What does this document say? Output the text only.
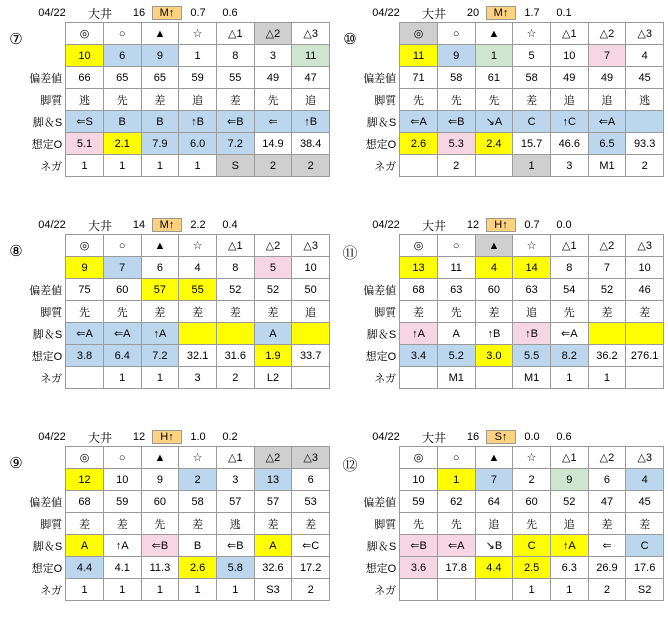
04/22	大井	16	M↑	0.7	0.6
⑦
		◎	○	▲	☆	△1	△2	△3
	10	6	9	1	8	3	11
偏差値	66	65	65	59	55	49	47
脚質	逃	先	差	追	差	先	追
脚＆S	⇐S	B	B	↑B	⇐B	⇐	↑B
想定O	5.1	2.1	7.9	6.0	7.2	14.9	38.4
ネガ	1	1	1	1	S	2	2
04/22	大井	20	M↑	1.7	0.1
⑩
		◎	○	▲	☆	△1	△2	△3
	11	9	1	5	10	7	4
偏差値	71	58	61	58	49	49	45
脚質	先	先	先	差	追	追	逃
脚＆S	⇐A	⇐B	↘A	C	↑C	⇐A	
想定O	2.6	5.3	2.4	15.7	46.6	6.5	93.3
ネガ		2		1	3	M1	2
04/22	大井	14	M↑	2.2	0.4
⑧
		◎	○	▲	☆	△1	△2	△3
	9	7	6	4	8	5	10
偏差値	75	60	57	55	52	52	50
脚質	先	先	差	差	差	差	追
脚＆S	⇐A	⇐A	↑A			A	
想定O	3.8	6.4	7.2	32.1	31.6	1.9	33.7
ネガ		1	1	3	2	L2	
04/22	大井	12	H↑	0.7	0.0
⑪
		◎	○	▲	☆	△1	△2	△3
	13	11	4	14	8	7	10
偏差値	68	63	60	63	54	52	46
脚質	差	先	差	追	先	差	差
脚＆S	↑A	A	↑B	↑B	⇐A		
想定O	3.4	5.2	3.0	5.5	8.2	36.2	276.1
ネガ		M1		M1	1	1	
04/22	大井	12	H↑	1.0	0.2
⑨
		◎	○	▲	☆	△1	△2	△3
	12	10	9	2	3	13	6
偏差値	68	59	60	58	57	57	53
脚質	差	差	先	差	逃	差	差
脚＆S	A	↑A	⇐B	B	⇐B	A	⇐C
想定O	4.4	4.1	11.3	2.6	5.8	32.6	17.2
ネガ	1	1	1	1	1	S3	2
04/22	大井	16	S↑	0.0	0.6
⑫
		◎	○	▲	☆	△1	△2	△3
	10	1	7	2	9	6	4
偏差値	59	62	64	60	52	47	45
脚質	先	先	追	先	追	差	差
脚＆S	⇐B	⇐A	↘B	C	↑A	⇐	C
想定O	3.6	17.8	4.4	2.5	6.3	26.9	17.6
ネガ				1	1	2	S2
